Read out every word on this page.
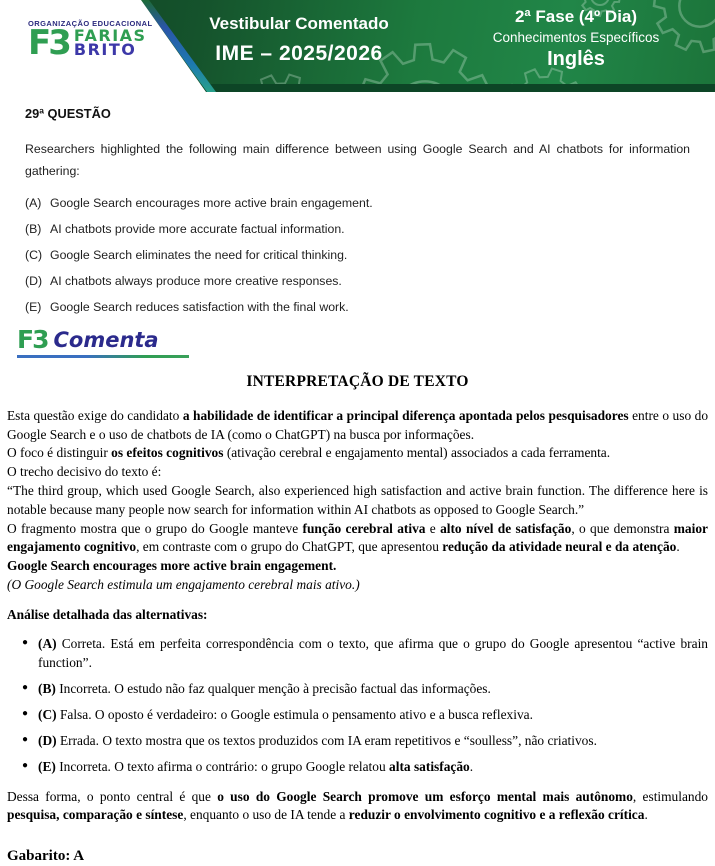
ORGANIZAÇÃO EDUCACIONAL
F3 FARIAS
BRITO
Vestibular Comentado
IME – 2025/2026
2ª Fase (4º Dia)
Conhecimentos Específicos
Inglês
29ª QUESTÃO

Researchers highlighted the following main difference between using Google Search and AI chatbots for information gathering:

(A) Google Search encourages more active brain engagement.
(B) AI chatbots provide more accurate factual information.
(C) Google Search eliminates the need for critical thinking.
(D) AI chatbots always produce more creative responses.
(E) Google Search reduces satisfaction with the final work.
F3 Comenta
INTERPRETAÇÃO DE TEXTO

Esta questão exige do candidato a habilidade de identificar a principal diferença apontada pelos pesquisadores entre o uso do Google Search e o uso de chatbots de IA (como o ChatGPT) na busca por informações.

O foco é distinguir os efeitos cognitivos (ativação cerebral e engajamento mental) associados a cada ferramenta.

O trecho decisivo do texto é:

“The third group, which used Google Search, also experienced high satisfaction and active brain function. The difference here is notable because many people now search for information within AI chatbots as opposed to Google Search.”

O fragmento mostra que o grupo do Google manteve função cerebral ativa e alto nível de satisfação, o que demonstra maior engajamento cognitivo, em contraste com o grupo do ChatGPT, que apresentou redução da atividade neural e da atenção.

Google Search encourages more active brain engagement.

(O Google Search estimula um engajamento cerebral mais ativo.)

Análise detalhada das alternativas:

● (A) Correta. Está em perfeita correspondência com o texto, que afirma que o grupo do Google apresentou “active brain function”.
● (B) Incorreta. O estudo não faz qualquer menção à precisão factual das informações.
● (C) Falsa. O oposto é verdadeiro: o Google estimula o pensamento ativo e a busca reflexiva.
● (D) Errada. O texto mostra que os textos produzidos com IA eram repetitivos e “soulless”, não criativos.
● (E) Incorreta. O texto afirma o contrário: o grupo Google relatou alta satisfação.

Dessa forma, o ponto central é que o uso do Google Search promove um esforço mental mais autônomo, estimulando pesquisa, comparação e síntese, enquanto o uso de IA tende a reduzir o envolvimento cognitivo e a reflexão crítica.

Gabarito: A
